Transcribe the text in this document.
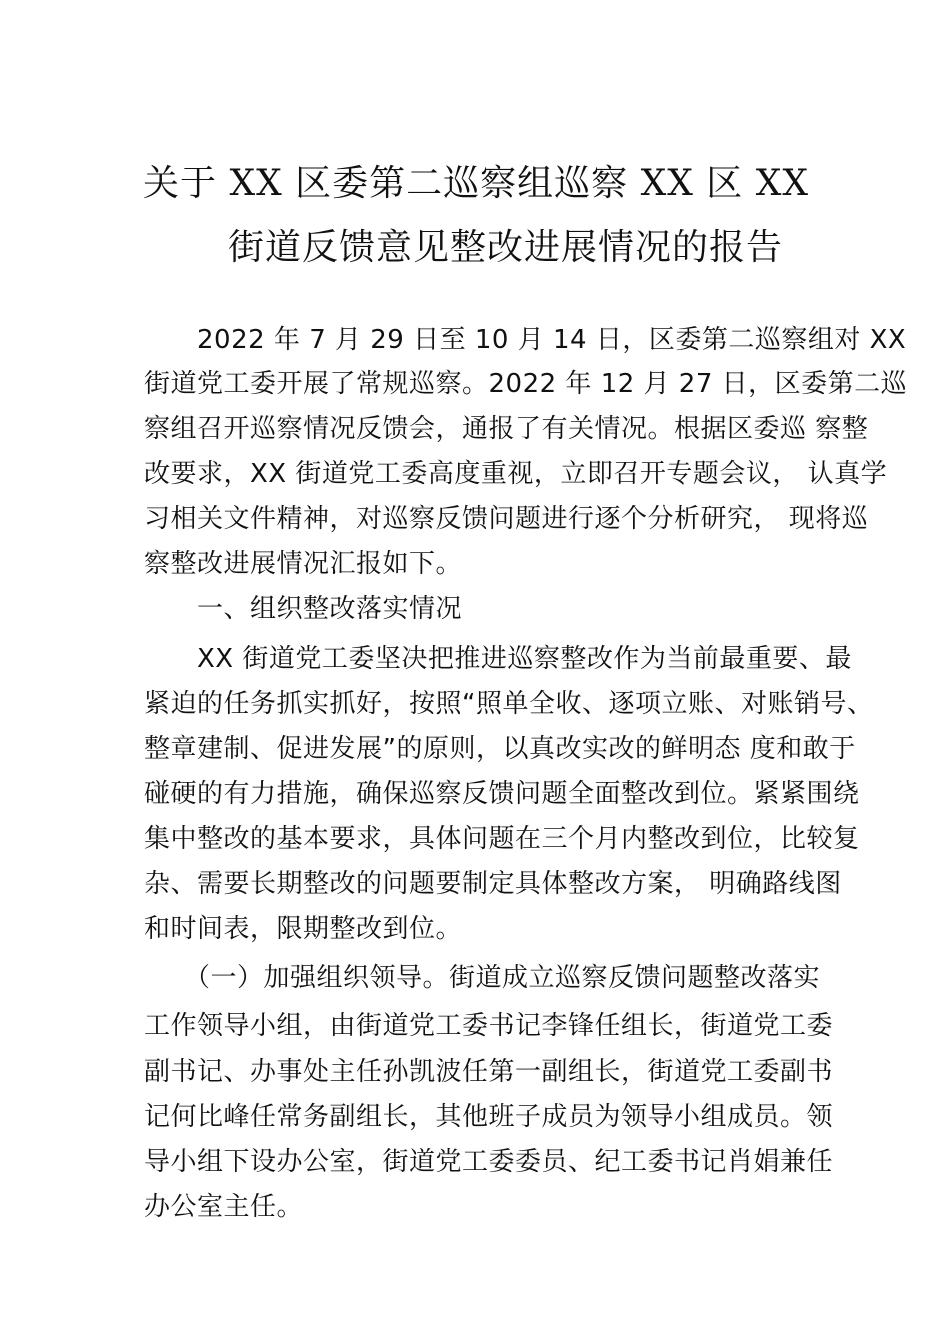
关于 XX 区委第二巡察组巡察 XX 区 XX
街道反馈意见整改进展情况的报告
　　2022 年 7 月 29 日至 10 月 14 日，区委第二巡察组对 XX
街道党工委开展了常规巡察。2022 年 12 月 27 日，区委第二巡
察组召开巡察情况反馈会，通报了有关情况。根据区委巡 察整
改要求，XX 街道党工委高度重视，立即召开专题会议， 认真学
习相关文件精神，对巡察反馈问题进行逐个分析研究， 现将巡
察整改进展情况汇报如下。
　　一、组织整改落实情况
　　XX 街道党工委坚决把推进巡察整改作为当前最重要、最
紧迫的任务抓实抓好，按照“照单全收、逐项立账、对账销号、
整章建制、促进发展”的原则，以真改实改的鲜明态 度和敢于
碰硬的有力措施，确保巡察反馈问题全面整改到位。紧紧围绕
集中整改的基本要求，具体问题在三个月内整改到位，比较复
杂、需要长期整改的问题要制定具体整改方案， 明确路线图
和时间表，限期整改到位。
　　（一）加强组织领导。街道成立巡察反馈问题整改落实
工作领导小组，由街道党工委书记李锋任组长，街道党工委
副书记、办事处主任孙凯波任第一副组长，街道党工委副书
记何比峰任常务副组长，其他班子成员为领导小组成员。领
导小组下设办公室，街道党工委委员、纪工委书记肖娟兼任
办公室主任。
